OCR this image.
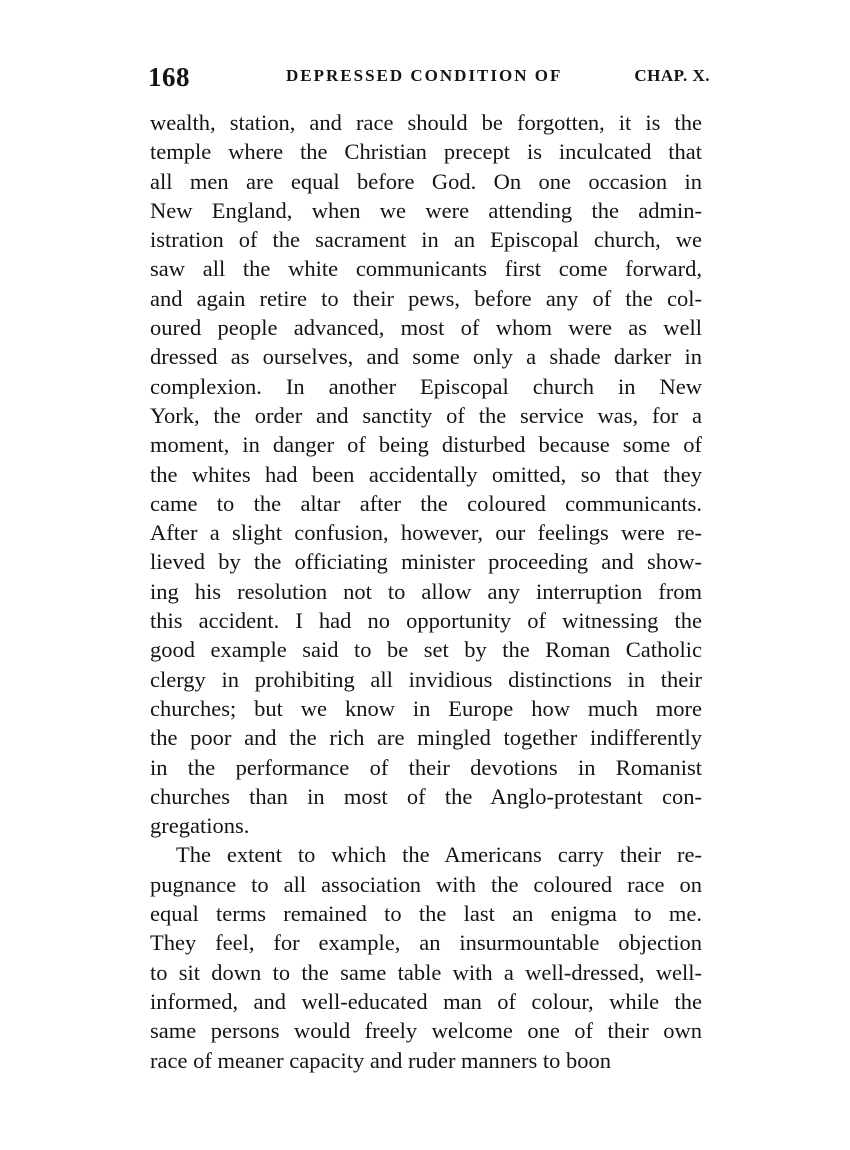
168	DEPRESSED CONDITION OF	CHAP. X.
wealth, station, and race should be forgotten, it is the
temple where the Christian precept is inculcated that
all men are equal before God. On one occasion in
New England, when we were attending the admin-
istration of the sacrament in an Episcopal church, we
saw all the white communicants first come forward,
and again retire to their pews, before any of the col-
oured people advanced, most of whom were as well
dressed as ourselves, and some only a shade darker in
complexion. In another Episcopal church in New
York, the order and sanctity of the service was, for a
moment, in danger of being disturbed because some of
the whites had been accidentally omitted, so that they
came to the altar after the coloured communicants.
After a slight confusion, however, our feelings were re-
lieved by the officiating minister proceeding and show-
ing his resolution not to allow any interruption from
this accident. I had no opportunity of witnessing the
good example said to be set by the Roman Catholic
clergy in prohibiting all invidious distinctions in their
churches; but we know in Europe how much more
the poor and the rich are mingled together indifferently
in the performance of their devotions in Romanist
churches than in most of the Anglo-protestant con-
gregations.
The extent to which the Americans carry their re-
pugnance to all association with the coloured race on
equal terms remained to the last an enigma to me.
They feel, for example, an insurmountable objection
to sit down to the same table with a well-dressed, well-
informed, and well-educated man of colour, while the
same persons would freely welcome one of their own
race of meaner capacity and ruder manners to boon
